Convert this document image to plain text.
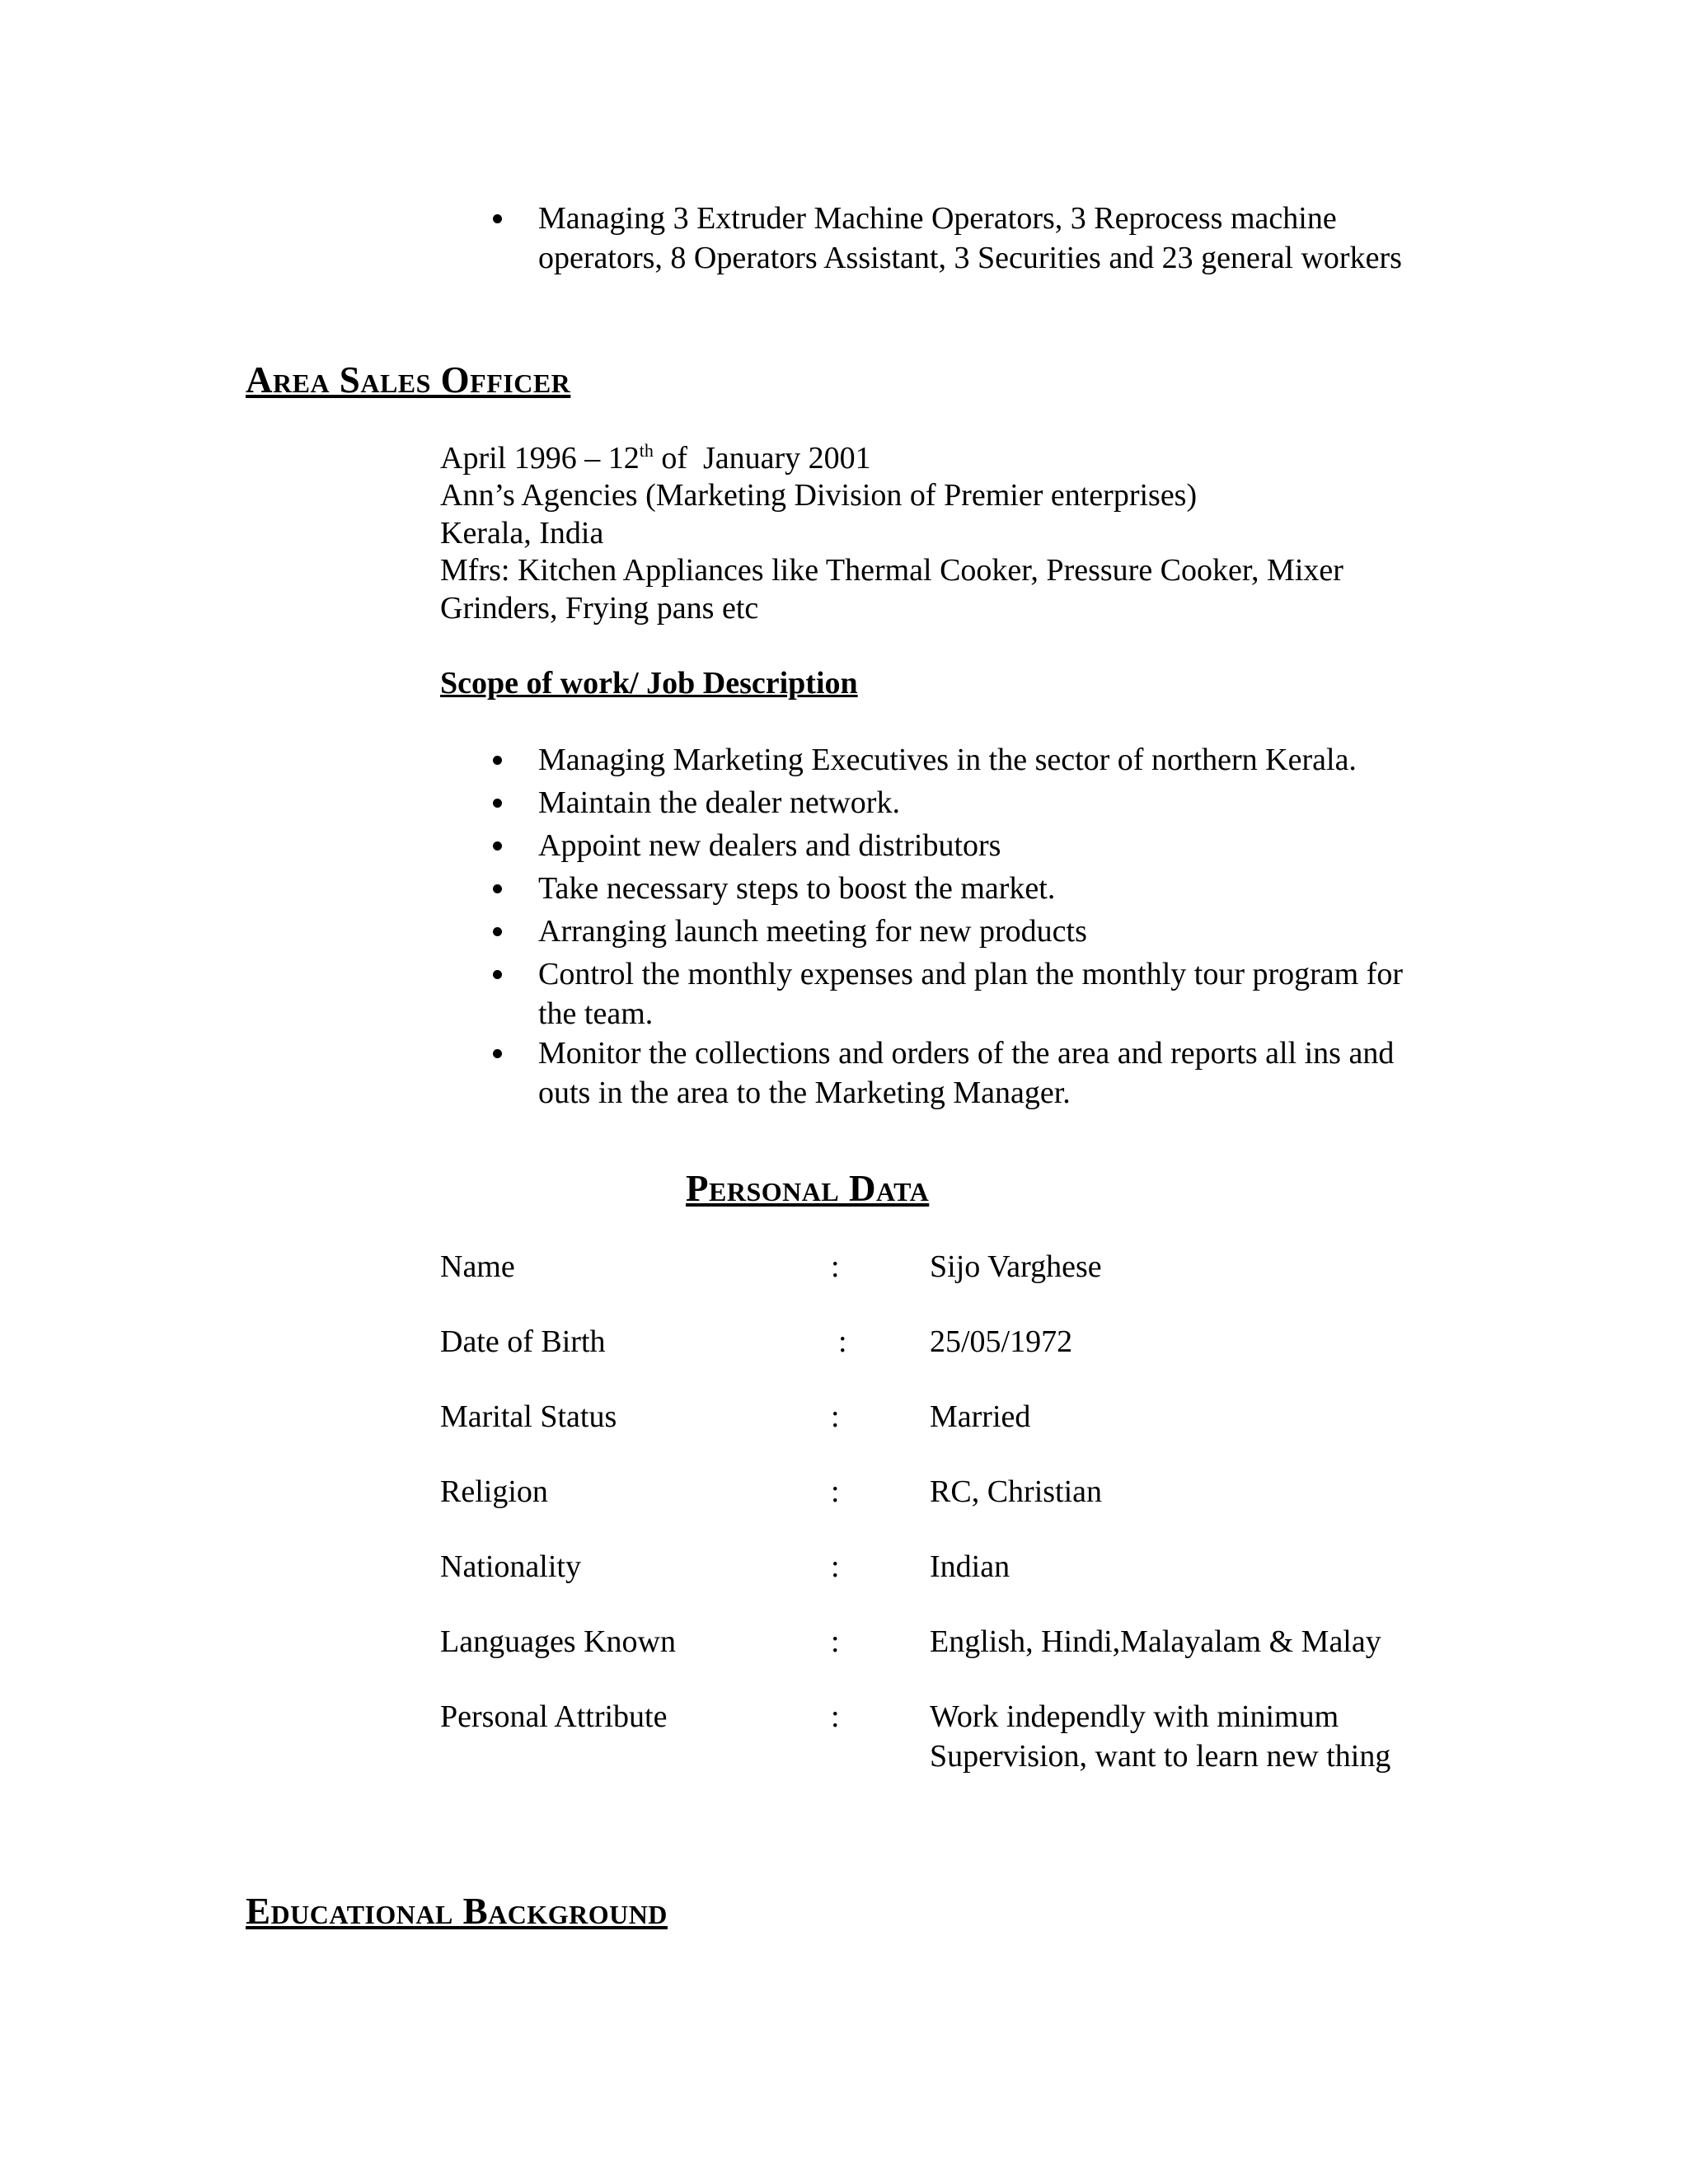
Managing 3 Extruder Machine Operators, 3 Reprocess machine operators, 8 Operators Assistant, 3 Securities and 23 general workers
Area Sales Officer
April 1996 – 12th of  January 2001
Ann’s Agencies (Marketing Division of Premier enterprises)
Kerala, India
Mfrs: Kitchen Appliances like Thermal Cooker, Pressure Cooker, Mixer
Grinders, Frying pans etc
Scope of work/ Job Description
Managing Marketing Executives in the sector of northern Kerala.
Maintain the dealer network.
Appoint new dealers and distributors
Take necessary steps to boost the market.
Arranging launch meeting for new products
Control the monthly expenses and plan the monthly tour program for the team.
Monitor the collections and orders of the area and reports all ins and outs in the area to the Marketing Manager.
Personal Data
Name	:	Sijo Varghese
Date of Birth	:	25/05/1972
Marital Status	:	Married
Religion	:	RC, Christian
Nationality	:	Indian
Languages Known	:	English, Hindi,Malayalam & Malay
Personal Attribute	:	Work independly with minimum Supervision, want to learn new thing
Educational Background
